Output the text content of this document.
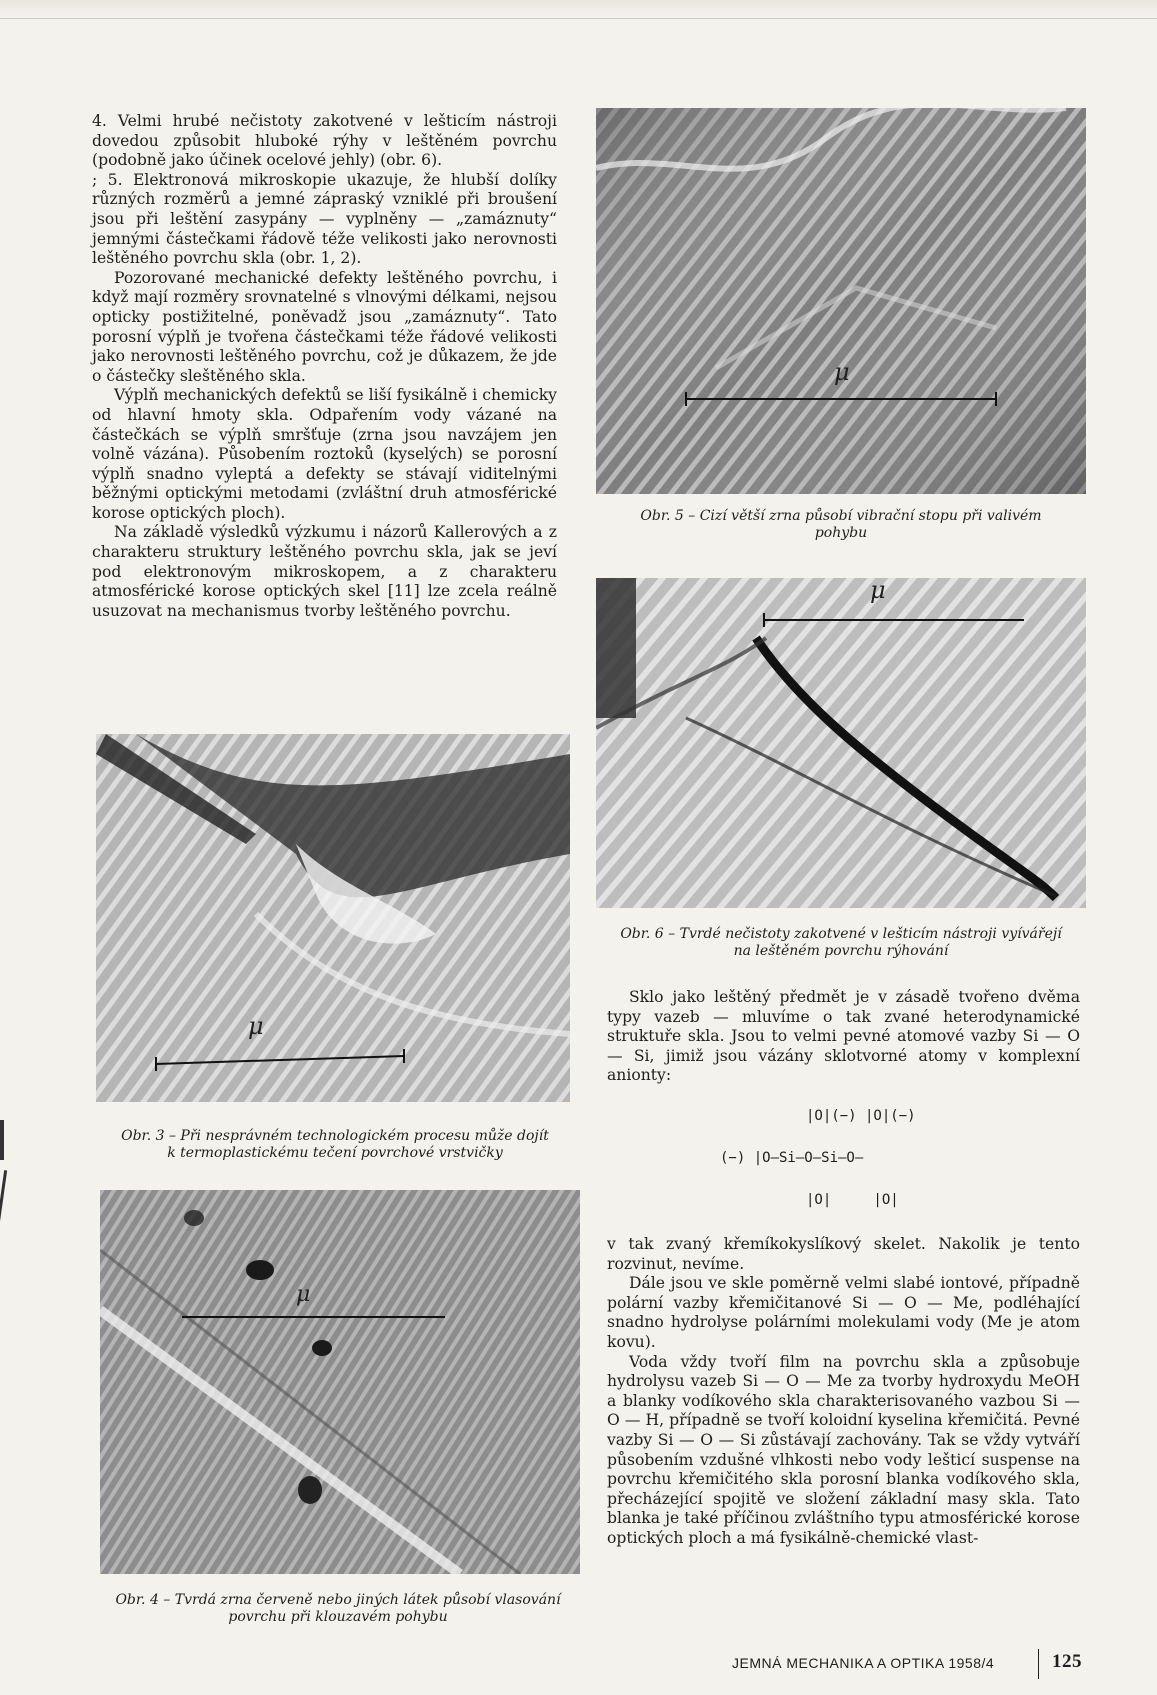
4. Velmi hrubé nečistoty zakotvené v lešticím nástroji dovedou způsobit hluboké rýhy v leštěném povrchu (podobně jako účinek ocelové jehly) (obr. 6).

; 5. Elektronová mikroskopie ukazuje, že hlubší dolíky různých rozměrů a jemné zápraský vzniklé při broušení jsou při leštění zasypány — vyplněny — „zamáznuty“ jemnými částečkami řádově téže velikosti jako nerovnosti leštěného povrchu skla (obr. 1, 2).

Pozorované mechanické defekty leštěného povrchu, i když mají rozměry srovnatelné s vlnovými délkami, nejsou opticky postižitelné, poněvadž jsou „zamáznuty“. Tato porosní výplň je tvořena částečkami téže řádové velikosti jako nerovnosti leštěného povrchu, což je důkazem, že jde o částečky sleštěného skla.

Výplň mechanických defektů se liší fysikálně i chemicky od hlavní hmoty skla. Odpařením vody vázané na částečkách se výplň smršťuje (zrna jsou navzájem jen volně vázána). Působením roztoků (kyselých) se porosní výplň snadno vyleptá a defekty se stávají viditelnými běžnými optickými metodami (zvláštní druh atmosférické korose optických ploch).

Na základě výsledků výzkumu i názorů Kallerových a z charakteru struktury leštěného povrchu skla, jak se jeví pod elektronovým mikroskopem, a z charakteru atmosférické korose optických skel [11] lze zcela reálně usuzovat na mechanismus tvorby leštěného povrchu.

μ
Obr. 5 – Cizí větší zrna působí vibrační stopu při valivém
pohybu
μ
Obr. 6 – Tvrdé nečistoty zakotvené v lešticím nástroji vyívářejí
na leštěném povrchu rýhování
μ
Obr. 3 – Při nesprávném technologickém procesu může dojít
k termoplastickému tečení povrchové vrstvičky
μ
Obr. 4 – Tvrdá zrna červeně nebo jiných látek působí vlasování
povrchu při klouzavém pohybu

Sklo jako leštěný předmět je v zásadě tvořeno dvěma typy vazeb — mluvíme o tak zvané heterodynamické struktuře skla. Jsou to velmi pevné atomové vazby Si — O — Si, jimiž jsou vázány sklotvorné atomy v komplexní anionty:

|O|(−) |O|(−)
(−) |O—Si—O—Si—O—
|O|     |O|

v tak zvaný křemíkokyslíkový skelet. Nakolik je tento rozvinut, nevíme.

Dále jsou ve skle poměrně velmi slabé iontové, případně polární vazby křemičitanové Si — O — Me, podléhající snadno hydrolyse polárními molekulami vody (Me je atom kovu).

Voda vždy tvoří film na povrchu skla a způsobuje hydrolysu vazeb Si — O — Me za tvorby hydroxydu MeOH a blanky vodíkového skla charakterisovaného vazbou Si — O — H, případně se tvoří koloidní kyselina křemičitá. Pevné vazby Si — O — Si zůstávají zachovány. Tak se vždy vytváří působením vzdušné vlhkosti nebo vody lešticí suspense na povrchu křemičitého skla porosní blanka vodíkového skla, přecházející spojitě ve složení základní masy skla. Tato blanka je také příčinou zvláštního typu atmosférické korose optických ploch a má fysikálně-chemické vlast-

JEMNÁ MECHANIKA A OPTIKA 1958/4	125
